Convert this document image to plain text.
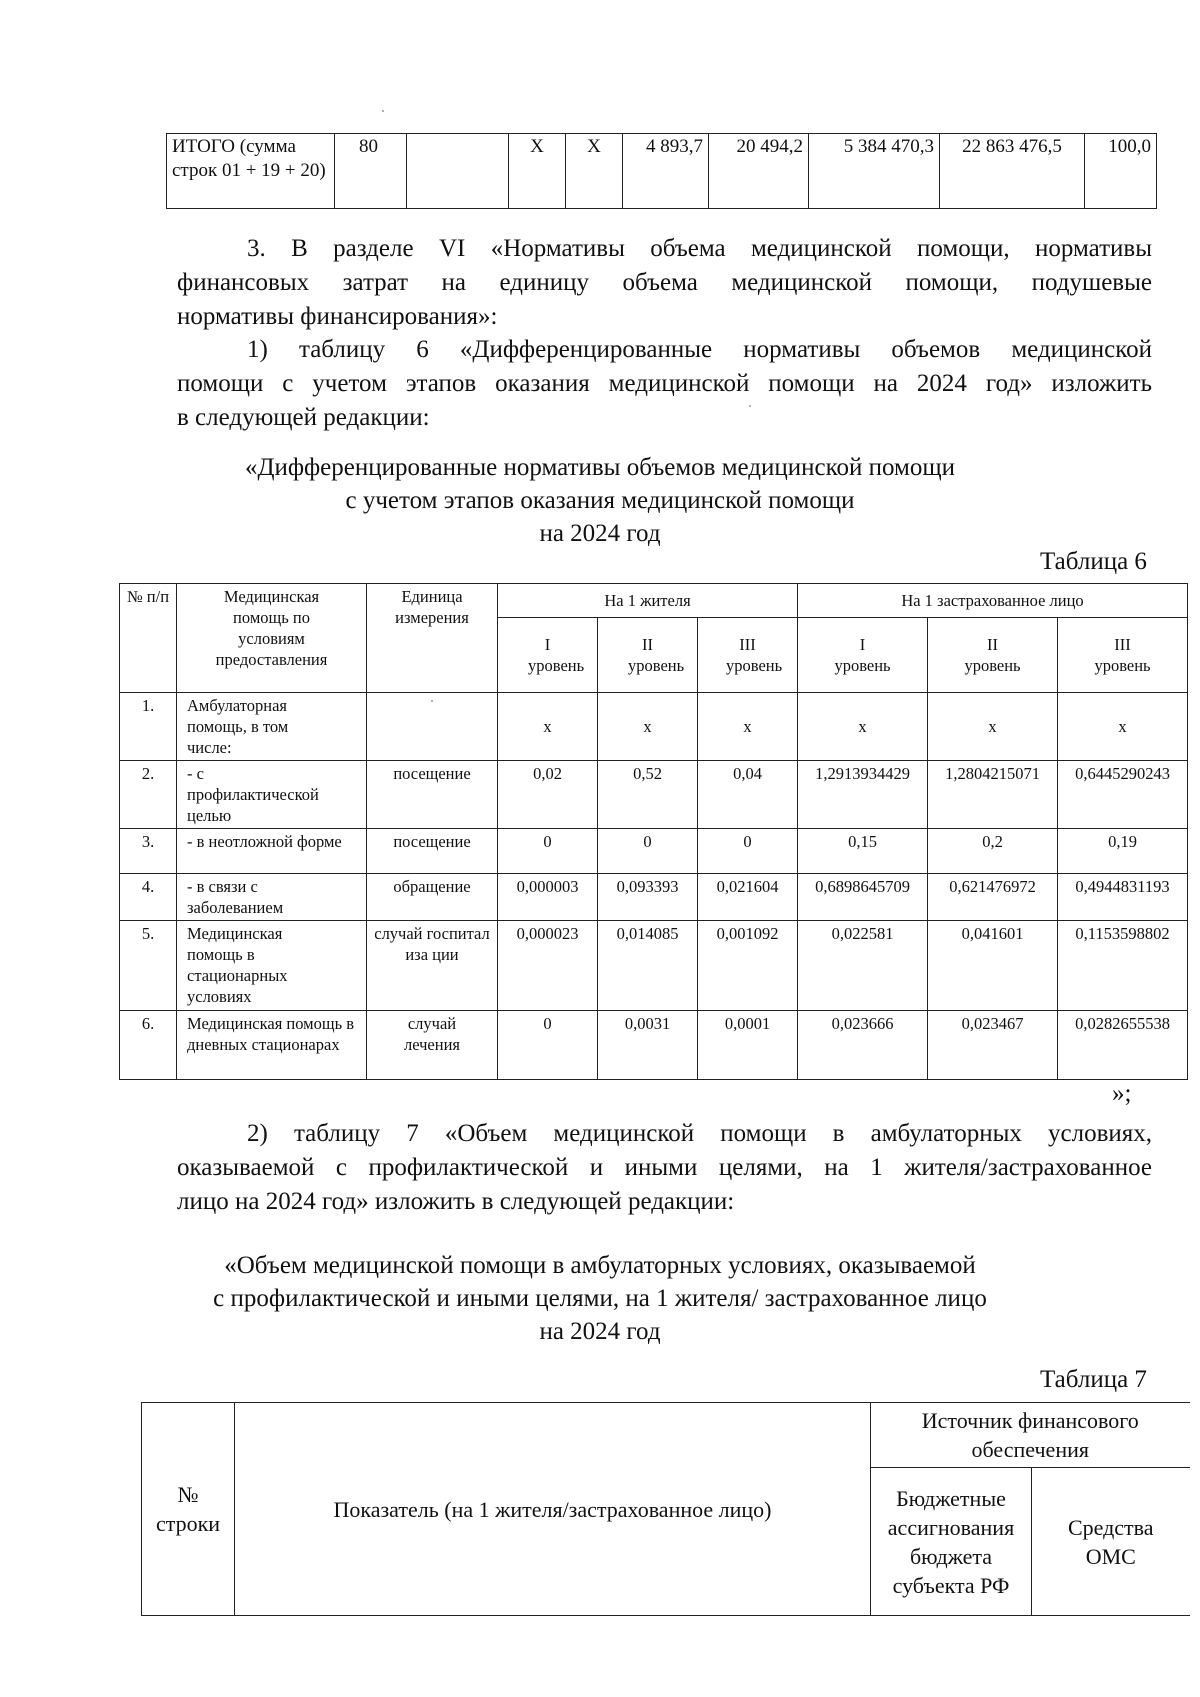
ИТОГО (сумма строк 01 + 19 + 20)	80		Х	Х	4 893,7	20 494,2	5 384 470,3	22 863 476,5	100,0
3. В разделе VI «Нормативы объема медицинской помощи, нормативы
финансовых затрат на единицу объема медицинской помощи, подушевые
нормативы финансирования»:
1) таблицу 6 «Дифференцированные нормативы объемов медицинской
помощи с учетом этапов оказания медицинской помощи на 2024 год» изложить
в следующей редакции:
«Дифференцированные нормативы объемов медицинской помощи
с учетом этапов оказания медицинской помощи
на 2024 год
Таблица 6
№ п/п	Медицинская помощь по условиям предоставления	Единица измерения	На 1 жителя			На 1 застрахованное лицо		
			I уровень	II уровень	III уровень	I уровень	II уровень	III уровень
1.	Амбулаторная помощь, в том числе:		х	х	х	х	х	х
2.	- с профилактической целью	посещение	0,02	0,52	0,04	1,2913934429	1,2804215071	0,6445290243
3.	- в неотложной форме	посещение	0	0	0	0,15	0,2	0,19
4.	- в связи с заболеванием	обращение	0,000003	0,093393	0,021604	0,6898645709	0,621476972	0,4944831193
5.	Медицинская помощь в стационарных условиях	случай госпитализа ции	0,000023	0,014085	0,001092	0,022581	0,041601	0,1153598802
6.	Медицинская помощь в дневных стационарах	случай лечения	0	0,0031	0,0001	0,023666	0,023467	0,0282655538
»;
2) таблицу 7 «Объем медицинской помощи в амбулаторных условиях,
оказываемой с профилактической и иными целями, на 1 жителя/застрахованное
лицо на 2024 год» изложить в следующей редакции:
«Объем медицинской помощи в амбулаторных условиях, оказываемой
с профилактической и иными целями, на 1 жителя/ застрахованное лицо
на 2024 год
Таблица 7
№ строки	Показатель (на 1 жителя/застрахованное лицо)	Источник финансового обеспечения	
		Бюджетные ассигнования бюджета субъекта РФ	Средства ОМС
